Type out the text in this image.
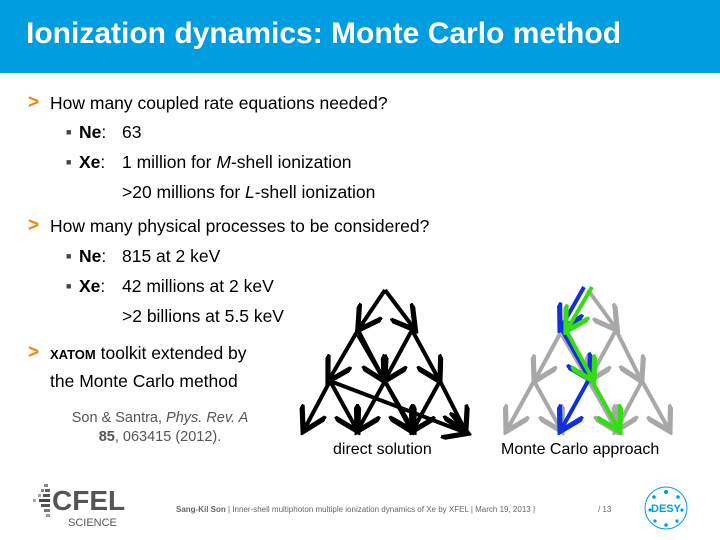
Ionization dynamics: Monte Carlo method
> How many coupled rate equations needed?
■ Ne: 63
■ Xe: 1 million for M-shell ionization
>20 millions for L-shell ionization
> How many physical processes to be considered?
■ Ne: 815 at 2 keV
■ Xe: 42 millions at 2 keV
>2 billions at 5.5 keV
> XATOM toolkit extended by
the Monte Carlo method
Son & Santra, Phys. Rev. A
85, 063415 (2012).
direct solution	Monte Carlo approach
CFEL
SCIENCE
Sang-Kil Son | Inner-shell multiphoton multiple ionization dynamics of Xe by XFEL | March 19, 2013 |	/ 13	DESY
